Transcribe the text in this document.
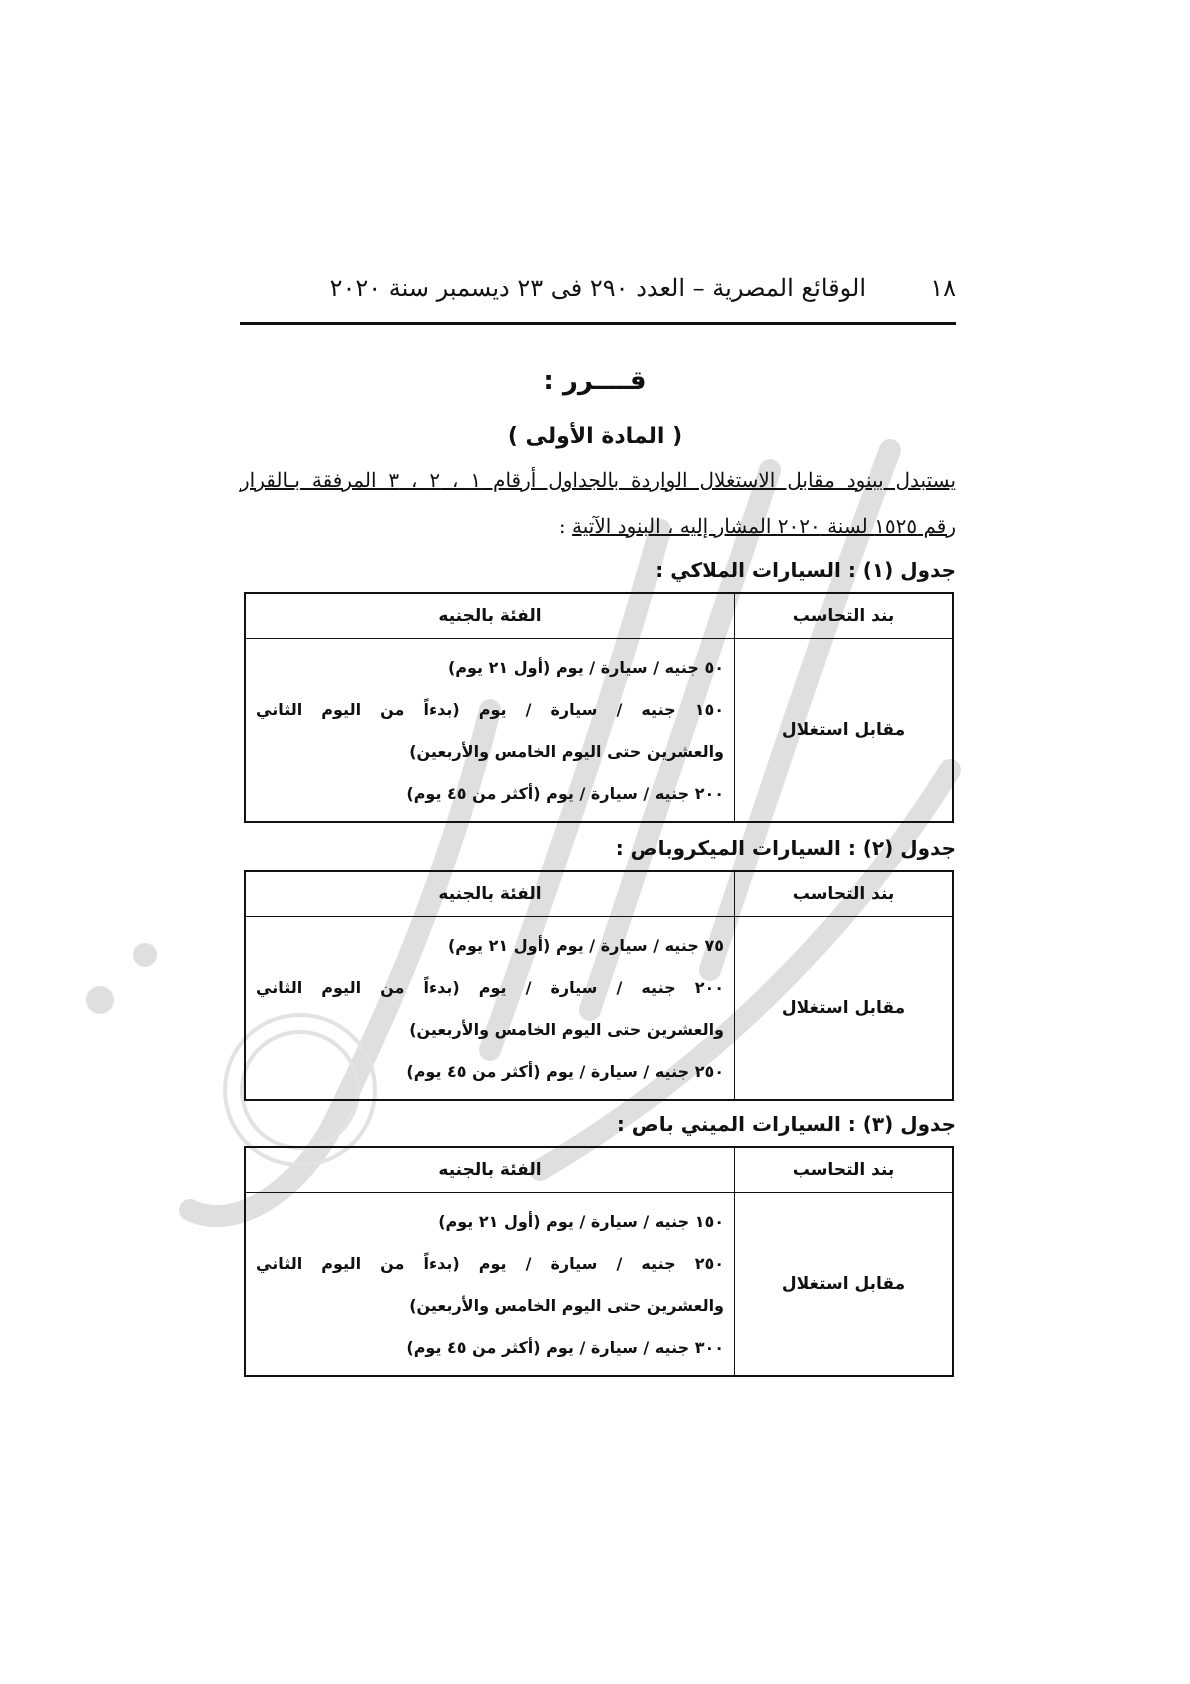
١٨
الوقائع المصرية – العدد ٢٩٠ فى ٢٣ ديسمبر سنة ٢٠٢٠
قــــرر :
( المادة الأولى )
يستبدل ببنود مقابل الاستغلال الواردة بالجداول أرقام ١ ، ٢ ، ٣ المرفقة بـالقرار
رقم ١٥٢٥ لسنة ٢٠٢٠ المشار إليه ، البنود الآتية :
جدول (١) : السيارات الملاكي :
بند التحاسب	الفئة بالجنيه
مقابل استغلال	٥٠ جنيه / سيارة / يوم (أول ٢١ يوم)
١٥٠ جنيه / سيارة / يوم (بدءاً من اليوم الثاني
والعشرين حتى اليوم الخامس والأربعين)
٢٠٠ جنيه / سيارة / يوم (أكثر من ٤٥ يوم)
جدول (٢) : السيارات الميكروباص :
بند التحاسب	الفئة بالجنيه
مقابل استغلال	٧٥ جنيه / سيارة / يوم (أول ٢١ يوم)
٢٠٠ جنيه / سيارة / يوم (بدءاً من اليوم الثاني
والعشرين حتى اليوم الخامس والأربعين)
٢٥٠ جنيه / سيارة / يوم (أكثر من ٤٥ يوم)
جدول (٣) : السيارات الميني باص :
بند التحاسب	الفئة بالجنيه
مقابل استغلال	١٥٠ جنيه / سيارة / يوم (أول ٢١ يوم)
٢٥٠ جنيه / سيارة / يوم (بدءاً من اليوم الثاني
والعشرين حتى اليوم الخامس والأربعين)
٣٠٠ جنيه / سيارة / يوم (أكثر من ٤٥ يوم)
